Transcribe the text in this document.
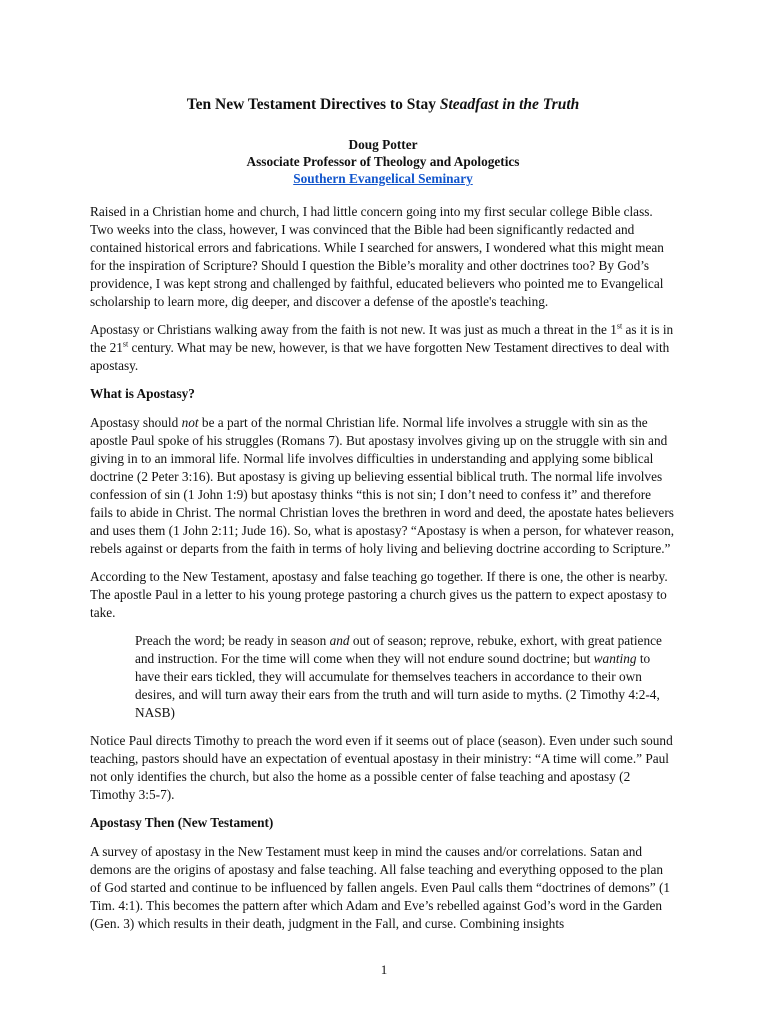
Ten New Testament Directives to Stay Steadfast in the Truth
Doug Potter
Associate Professor of Theology and Apologetics
Southern Evangelical Seminary

Raised in a Christian home and church, I had little concern going into my first secular college Bible class. Two weeks into the class, however, I was convinced that the Bible had been significantly redacted and contained historical errors and fabrications. While I searched for answers, I wondered what this might mean for the inspiration of Scripture? Should I question the Bible’s morality and other doctrines too? By God’s providence, I was kept strong and challenged by faithful, educated believers who pointed me to Evangelical scholarship to learn more, dig deeper, and discover a defense of the apostle's teaching.

Apostasy or Christians walking away from the faith is not new. It was just as much a threat in the 1st as it is in the 21st century. What may be new, however, is that we have forgotten New Testament directives to deal with apostasy.

What is Apostasy?

Apostasy should not be a part of the normal Christian life. Normal life involves a struggle with sin as the apostle Paul spoke of his struggles (Romans 7). But apostasy involves giving up on the struggle with sin and giving in to an immoral life. Normal life involves difficulties in understanding and applying some biblical doctrine (2 Peter 3:16). But apostasy is giving up believing essential biblical truth. The normal life involves confession of sin (1 John 1:9) but apostasy thinks “this is not sin; I don’t need to confess it” and therefore fails to abide in Christ. The normal Christian loves the brethren in word and deed, the apostate hates believers and uses them (1 John 2:11; Jude 16). So, what is apostasy? “Apostasy is when a person, for whatever reason, rebels against or departs from the faith in terms of holy living and believing doctrine according to Scripture.”

According to the New Testament, apostasy and false teaching go together. If there is one, the other is nearby. The apostle Paul in a letter to his young protege pastoring a church gives us the pattern to expect apostasy to take.

Preach the word; be ready in season and out of season; reprove, rebuke, exhort, with great patience and instruction. For the time will come when they will not endure sound doctrine; but wanting to have their ears tickled, they will accumulate for themselves teachers in accordance to their own desires, and will turn away their ears from the truth and will turn aside to myths. (2 Timothy 4:2-4, NASB)

Notice Paul directs Timothy to preach the word even if it seems out of place (season). Even under such sound teaching, pastors should have an expectation of eventual apostasy in their ministry: “A time will come.” Paul not only identifies the church, but also the home as a possible center of false teaching and apostasy (2 Timothy 3:5-7).

Apostasy Then (New Testament)

A survey of apostasy in the New Testament must keep in mind the causes and/or correlations. Satan and demons are the origins of apostasy and false teaching. All false teaching and everything opposed to the plan of God started and continue to be influenced by fallen angels. Even Paul calls them “doctrines of demons” (1 Tim. 4:1). This becomes the pattern after which Adam and Eve’s rebelled against God’s word in the Garden (Gen. 3) which results in their death, judgment in the Fall, and curse. Combining insights

1
